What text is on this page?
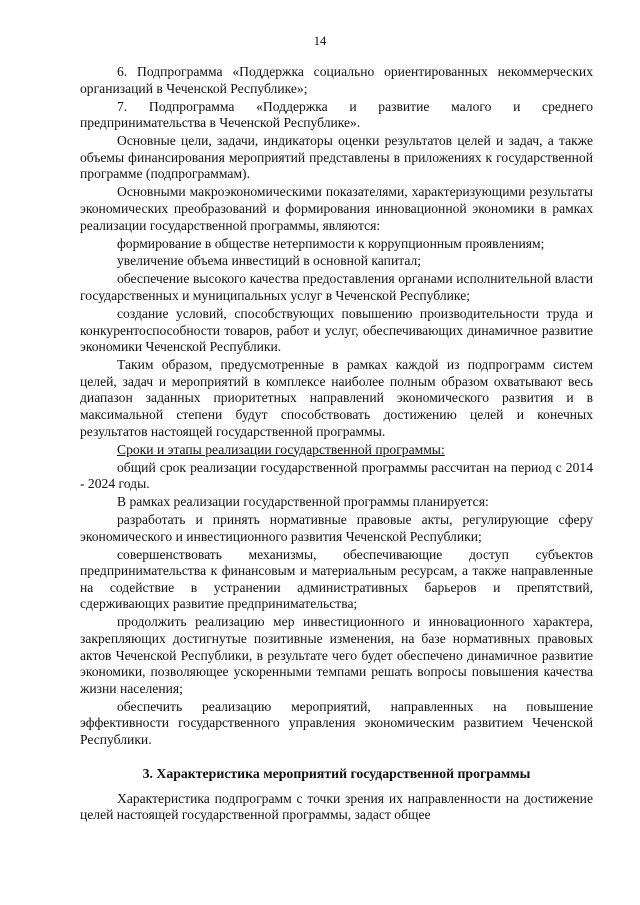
14

6. Подпрограмма «Поддержка социально ориентированных некоммерческих организаций в Чеченской Республике»;

7. Подпрограмма «Поддержка и развитие малого и среднего предпринимательства в Чеченской Республике».

Основные цели, задачи, индикаторы оценки результатов целей и задач, а также объемы финансирования мероприятий представлены в приложениях к государственной программе (подпрограммам).

Основными макроэкономическими показателями, характеризующими результаты экономических преобразований и формирования инновационной экономики в рамках реализации государственной программы, являются:

формирование в обществе нетерпимости к коррупционным проявлениям;

увеличение объема инвестиций в основной капитал;

обеспечение высокого качества предоставления органами исполнительной власти государственных и муниципальных услуг в Чеченской Республике;

создание условий, способствующих повышению производительности труда и конкурентоспособности товаров, работ и услуг, обеспечивающих динамичное развитие экономики Чеченской Республики.

Таким образом, предусмотренные в рамках каждой из подпрограмм систем целей, задач и мероприятий в комплексе наиболее полным образом охватывают весь диапазон заданных приоритетных направлений экономического развития и в максимальной степени будут способствовать достижению целей и конечных результатов настоящей государственной программы.

Сроки и этапы реализации государственной программы:

общий срок реализации государственной программы рассчитан на период с 2014 - 2024 годы.

В рамках реализации государственной программы планируется:

разработать и принять нормативные правовые акты, регулирующие сферу экономического и инвестиционного развития Чеченской Республики;

совершенствовать механизмы, обеспечивающие доступ субъектов предпринимательства к финансовым и материальным ресурсам, а также направленные на содействие в устранении административных барьеров и препятствий, сдерживающих развитие предпринимательства;

продолжить реализацию мер инвестиционного и инновационного характера, закрепляющих достигнутые позитивные изменения, на базе нормативных правовых актов Чеченской Республики, в результате чего будет обеспечено динамичное развитие экономики, позволяющее ускоренными темпами решать вопросы повышения качества жизни населения;

обеспечить реализацию мероприятий, направленных на повышение эффективности государственного управления экономическим развитием Чеченской Республики.

3. Характеристика мероприятий государственной программы

Характеристика подпрограмм с точки зрения их направленности на достижение целей настоящей государственной программы, задаст общее
